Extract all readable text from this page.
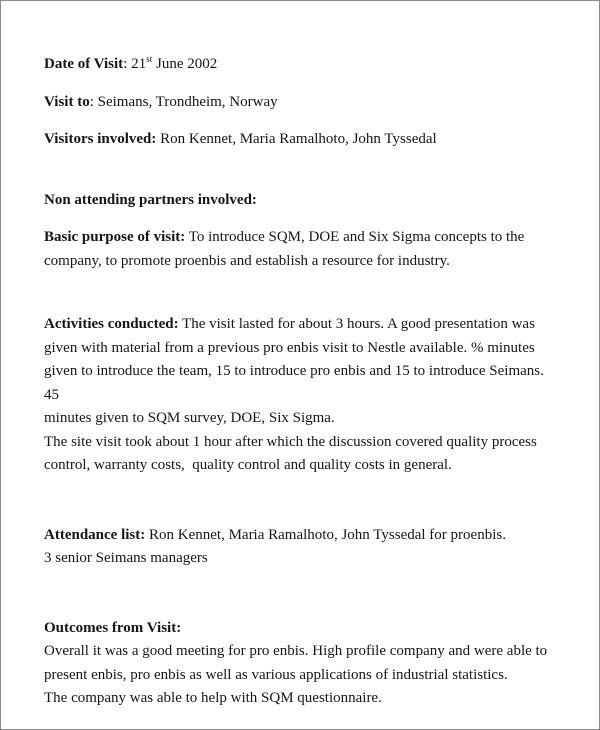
Date of Visit: 21st June 2002
Visit to: Seimans, Trondheim, Norway
Visitors involved: Ron Kennet, Maria Ramalhoto, John Tyssedal
Non attending partners involved:
Basic purpose of visit: To introduce SQM, DOE and Six Sigma concepts to the
company, to promote proenbis and establish a resource for industry.
Activities conducted: The visit lasted for about 3 hours. A good presentation was
given with material from a previous pro enbis visit to Nestle available. % minutes
given to introduce the team, 15 to introduce pro enbis and 15 to introduce Seimans. 45
minutes given to SQM survey, DOE, Six Sigma.
The site visit took about 1 hour after which the discussion covered quality process
control, warranty costs,  quality control and quality costs in general.
Attendance list: Ron Kennet, Maria Ramalhoto, John Tyssedal for proenbis.
3 senior Seimans managers
Outcomes from Visit:
Overall it was a good meeting for pro enbis. High profile company and were able to
present enbis, pro enbis as well as various applications of industrial statistics.
The company was able to help with SQM questionnaire.
